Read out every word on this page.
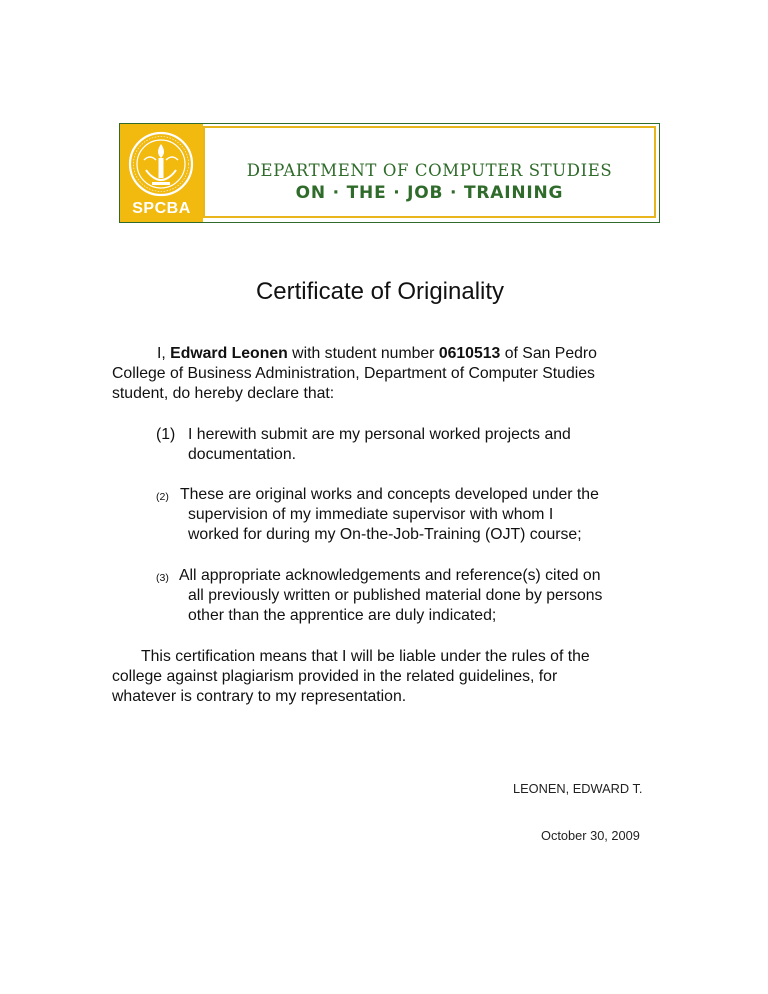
SPCBA
DEPARTMENT OF COMPUTER STUDIES
ON · THE · JOB · TRAINING
Certificate of Originality

I, Edward Leonen with student number 0610513 of San Pedro

College of Business Administration, Department of Computer Studies

student, do hereby declare that:

(1) I herewith submit are my personal worked projects and

documentation.

(2) These are original works and concepts developed under the

supervision of my immediate supervisor with whom I

worked for during my On-the-Job-Training (OJT) course;

(3) All appropriate acknowledgements and reference(s) cited on

all previously written or published material done by persons

other than the apprentice are duly indicated;

This certification means that I will be liable under the rules of the

college against plagiarism provided in the related guidelines, for

whatever is contrary to my representation.

LEONEN, EDWARD T.
October 30, 2009
